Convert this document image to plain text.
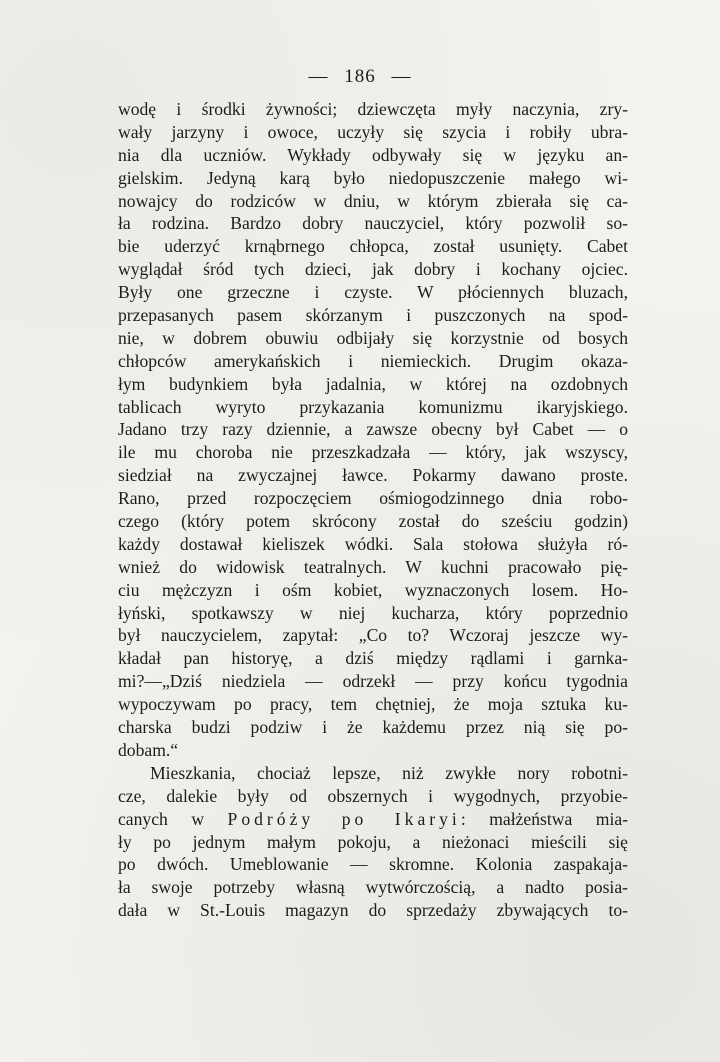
— 186 —
wodę i środki żywności; dziewczęta myły naczynia, zry-
wały jarzyny i owoce, uczyły się szycia i robiły ubra-
nia dla uczniów. Wykłady odbywały się w języku an-
gielskim. Jedyną karą było niedopuszczenie małego wi-
nowajcy do rodziców w dniu, w którym zbierała się ca-
ła rodzina. Bardzo dobry nauczyciel, który pozwolił so-
bie uderzyć krnąbrnego chłopca, został usunięty. Cabet
wyglądał śród tych dzieci, jak dobry i kochany ojciec.
Były one grzeczne i czyste. W płóciennych bluzach,
przepasanych pasem skórzanym i puszczonych na spod-
nie, w dobrem obuwiu odbijały się korzystnie od bosych
chłopców amerykańskich i niemieckich. Drugim okaza-
łym budynkiem była jadalnia, w której na ozdobnych
tablicach wyryto przykazania komunizmu ikaryjskiego.
Jadano trzy razy dziennie, a zawsze obecny był Cabet — o
ile mu choroba nie przeszkadzała — który, jak wszyscy,
siedział na zwyczajnej ławce. Pokarmy dawano proste.
Rano, przed rozpoczęciem ośmiogodzinnego dnia robo-
czego (który potem skrócony został do sześciu godzin)
każdy dostawał kieliszek wódki. Sala stołowa służyła ró-
wnież do widowisk teatralnych. W kuchni pracowało pię-
ciu mężczyzn i ośm kobiet, wyznaczonych losem. Ho-
łyński, spotkawszy w niej kucharza, który poprzednio
był nauczycielem, zapytał: „Co to? Wczoraj jeszcze wy-
kładał pan historyę, a dziś między rądlami i garnka-
mi?—„Dziś niedziela — odrzekł — przy końcu tygodnia
wypoczywam po pracy, tem chętniej, że moja sztuka ku-
charska budzi podziw i że każdemu przez nią się po-
dobam.“
Mieszkania, chociaż lepsze, niż zwykłe nory robotni-
cze, dalekie były od obszernych i wygodnych, przyobie-
canych w Podróży po Ikaryi: małżeństwa mia-
ły po jednym małym pokoju, a nieżonaci mieścili się
po dwóch. Umeblowanie — skromne. Kolonia zaspakaja-
ła swoje potrzeby własną wytwórczością, a nadto posia-
dała w St.-Louis magazyn do sprzedaży zbywających to-
